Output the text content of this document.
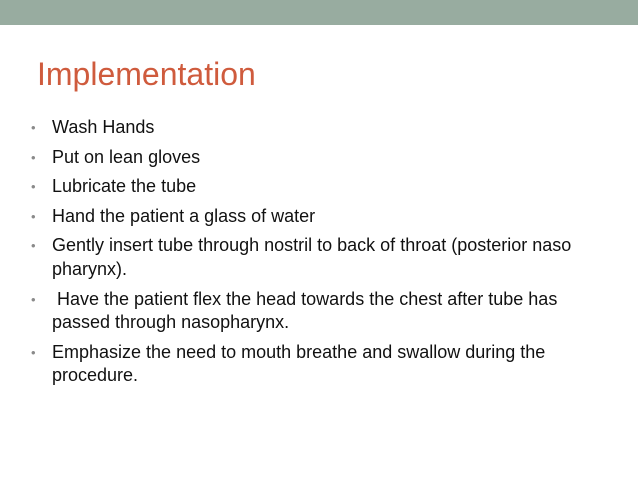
Implementation
• Wash Hands
• Put on lean gloves
• Lubricate the tube
• Hand the patient a glass of water
• Gently insert tube through nostril to back of throat (posterior naso pharynx).
• Have the patient flex the head towards the chest after tube has passed through nasopharynx.
• Emphasize the need to mouth breathe and swallow during the procedure.
